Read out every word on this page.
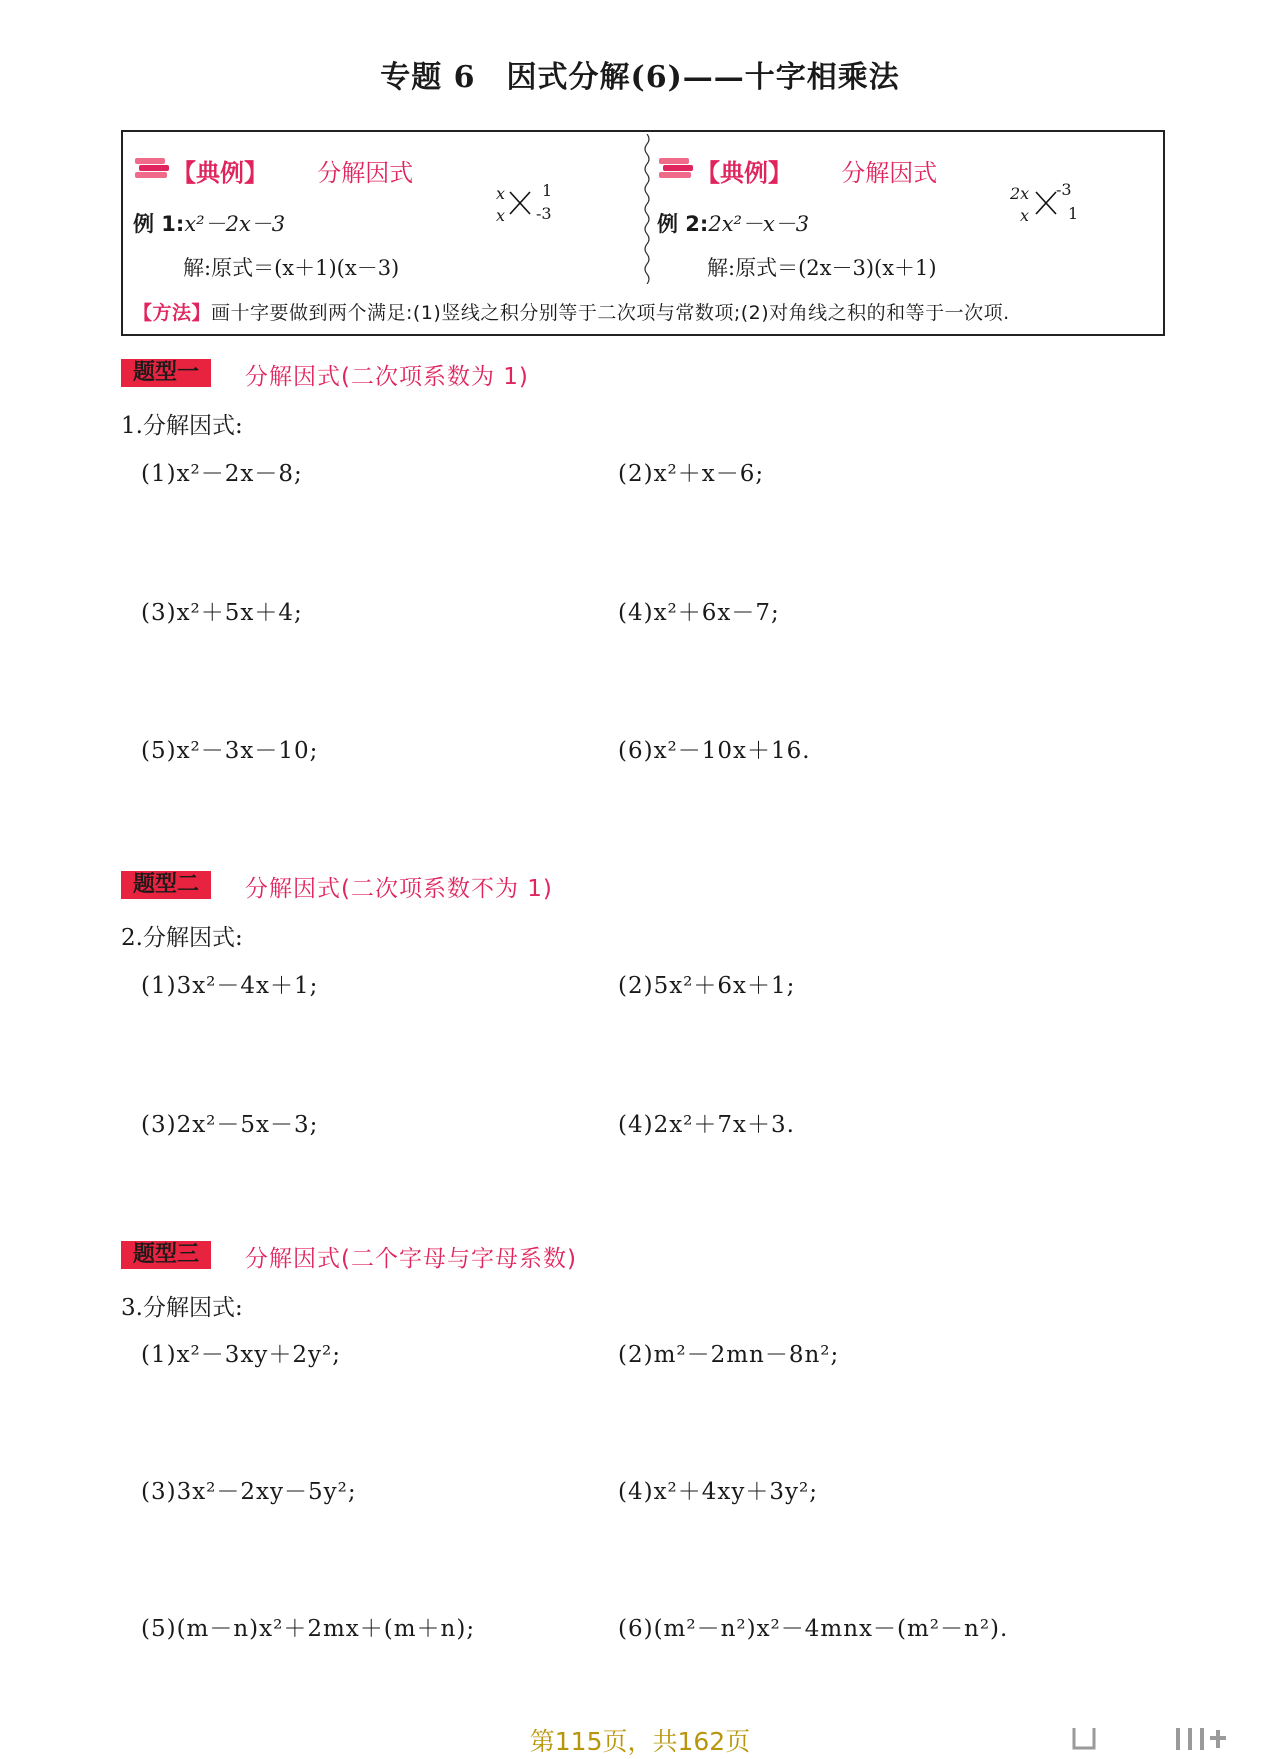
专题 6　因式分解(6)——十字相乘法
【典例】 分解因式
例 1:x²－2x－3
解:原式＝(x＋1)(x－3)
x
x
1
-3
【典例】 分解因式
例 2:2x²－x－3
解:原式＝(2x－3)(x＋1)
2x
x
-3
1
【方法】画十字要做到两个满足:(1)竖线之积分别等于二次项与常数项;(2)对角线之积的和等于一次项.
题型一	分解因式(二次项系数为 1)
1.分解因式:
(1)x²－2x－8;	(2)x²＋x－6;
(3)x²＋5x＋4;	(4)x²＋6x－7;
(5)x²－3x－10;	(6)x²－10x＋16.
题型二	分解因式(二次项系数不为 1)
2.分解因式:
(1)3x²－4x＋1;	(2)5x²＋6x＋1;
(3)2x²－5x－3;	(4)2x²＋7x＋3.
题型三	分解因式(二个字母与字母系数)
3.分解因式:
(1)x²－3xy＋2y²;	(2)m²－2mn－8n²;
(3)3x²－2xy－5y²;	(4)x²＋4xy＋3y²;
(5)(m－n)x²＋2mx＋(m＋n);	(6)(m²－n²)x²－4mnx－(m²－n²).
第115页，共162页
